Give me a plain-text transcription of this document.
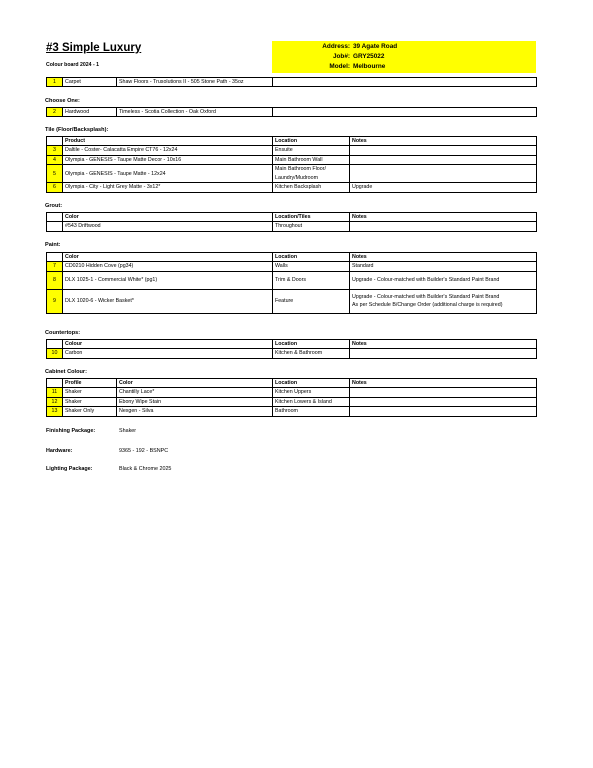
#3 Simple Luxury
Colour board 2024 - 1
Address: 39 Agate Road
Job#: GRY25022
Model: Melbourne
1	Carpet	Shaw Floors - Trusolutions II - 505 Stone Path - 35oz	
Choose One:
2	Hardwood	Timeless - Scotia Collection - Oak Oxford	
Tile (Floor/Backsplash):
	Product	Location	Notes
3	Daltile - Coster- Calacatta Empire CT76 - 12x24	Ensuite	
4	Olympia - GENESIS - Taupe Matte Decor - 10x16	Main Bathroom Wall	
5	Olympia - GENESIS - Taupe Matte - 12x24	Main Bathroom Floor/
Laundry/Mudroom	

6	Olympia - City - Light Grey Matte - 3x12*	Kitchen Backsplash	Upgrade
Grout:
	Color	Location/Tiles	Notes
	#543 Driftwood	Throughout	
Paint:
	Color	Location	Notes
7	CD0210 Hidden Cove (pg34)	Walls	Standard
8	DLX 1025-1 - Commercial White* (pg1)	Trim & Doors	Upgrade - Colour-matched with Builder's Standard Paint Brand
9	DLX 1020-6 - Wicker Basket*	Feature	Upgrade - Colour-matched with Builder's Standard Paint Brand
As per Schedule B/Change Order (additional charge is required)
Countertops:
	Colour	Location	Notes
10	Carbon	Kitchen & Bathroom	
Cabinet Colour:
	Profile	Color	Location	Notes
11	Shaker	Chantilly Lace*	Kitchen Uppers	
12	Shaker	Ebony Wipe Stain	Kitchen Lowers & Island	
13	Shaker Only	Nexgen - Silva	Bathroom	
Finishing Package:	Shaker
Hardware:	9365 - 192 - BSNPC
Lighting Package:	Black & Chrome 2025
